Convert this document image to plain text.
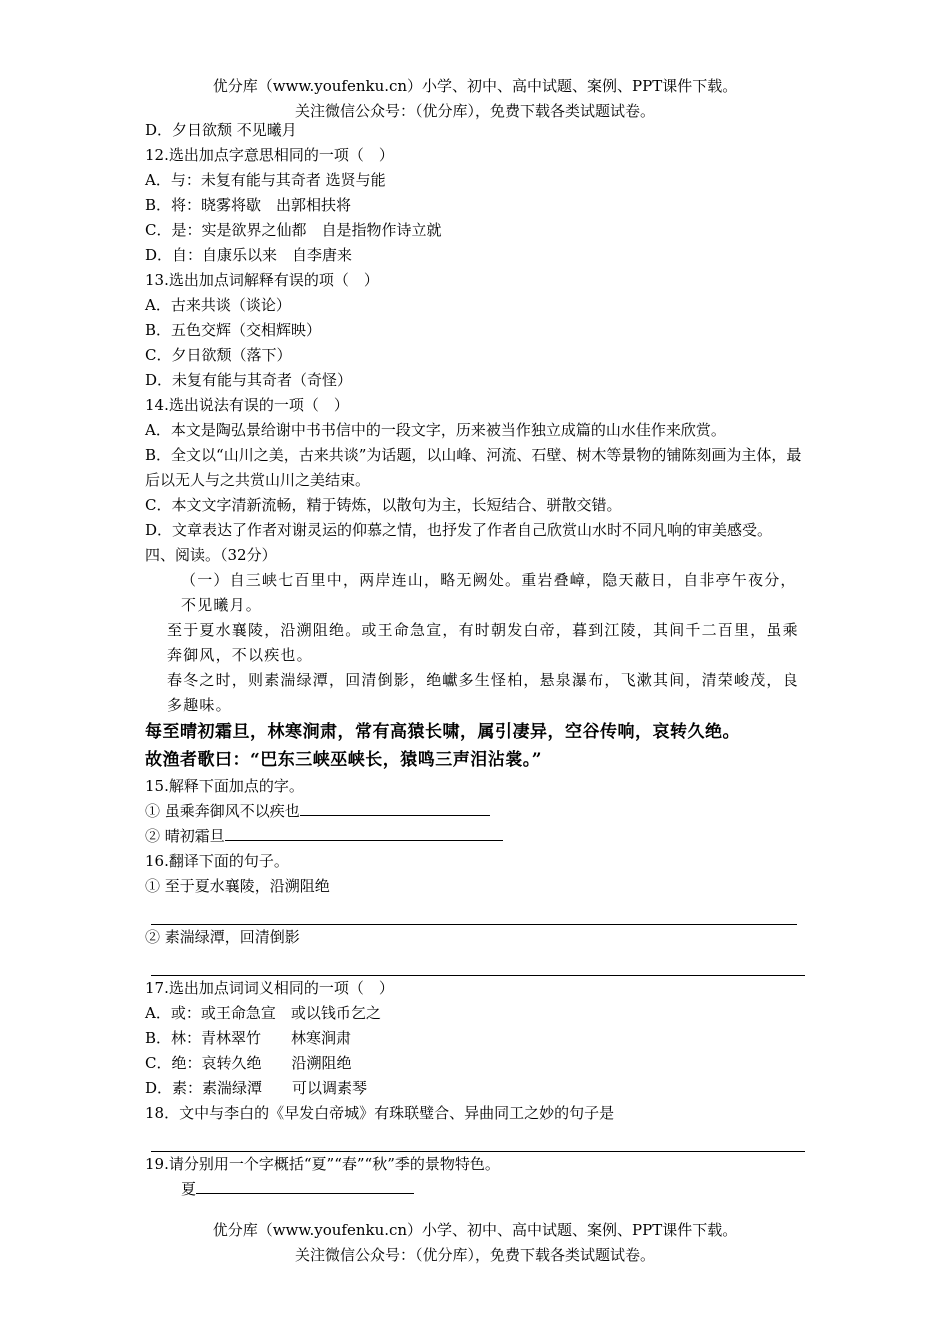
优分库（www.youfenku.cn）小学、初中、高中试题、案例、PPT课件下载。
关注微信公众号：（优分库），免费下载各类试题试卷。
D．夕日欲颓 不见曦月
12.选出加点字意思相同的一项（　）
A．与：未复有能与其奇者 选贤与能
B．将：晓雾将歇　出郭相扶将
C．是：实是欲界之仙都　自是指物作诗立就
D．自：自康乐以来　自李唐来
13.选出加点词解释有误的项（　）
A．古来共谈（谈论）
B．五色交辉（交相辉映）
C．夕日欲颓（落下）
D．未复有能与其奇者（奇怪）
14.选出说法有误的一项（　）
A．本文是陶弘景给谢中书书信中的一段文字，历来被当作独立成篇的山水佳作来欣赏。
B．全文以“山川之美，古来共谈”为话题，以山峰、河流、石壁、树木等景物的铺陈刻画为主体，最后以无人与之共赏山川之美结束。
C．本文文字清新流畅，精于铸炼，以散句为主，长短结合、骈散交错。
D．文章表达了作者对谢灵运的仰慕之情，也抒发了作者自己欣赏山水时不同凡响的审美感受。
四、阅读。（32分）
（一）自三峡七百里中，两岸连山，略无阙处。重岩叠嶂，隐天蔽日，自非亭午夜分，不见曦月。
至于夏水襄陵，沿溯阻绝。或王命急宣，有时朝发白帝，暮到江陵，其间千二百里，虽乘奔御风，不以疾也。
春冬之时，则素湍绿潭，回清倒影，绝巘多生怪柏，悬泉瀑布，飞漱其间，清荣峻茂，良多趣味。
每至晴初霜旦，林寒涧肃，常有高猿长啸，属引凄异，空谷传响，哀转久绝。
故渔者歌曰：“巴东三峡巫峡长，猿鸣三声泪沾裳。”
15.解释下面加点的字。
① 虽乘奔御风不以疾也
② 晴初霜旦
16.翻译下面的句子。
① 至于夏水襄陵，沿溯阻绝
② 素湍绿潭，回清倒影
17.选出加点词词义相同的一项（　）
A．或：或王命急宣　或以钱币乞之
B．林：青林翠竹　　林寒涧肃
C．绝：哀转久绝　　沿溯阻绝
D．素：素湍绿潭　　可以调素琴
18．文中与李白的《早发白帝城》有珠联璧合、异曲同工之妙的句子是
19.请分别用一个字概括“夏”“春”“秋”季的景物特色。
夏
优分库（www.youfenku.cn）小学、初中、高中试题、案例、PPT课件下载。
关注微信公众号：（优分库），免费下载各类试题试卷。
